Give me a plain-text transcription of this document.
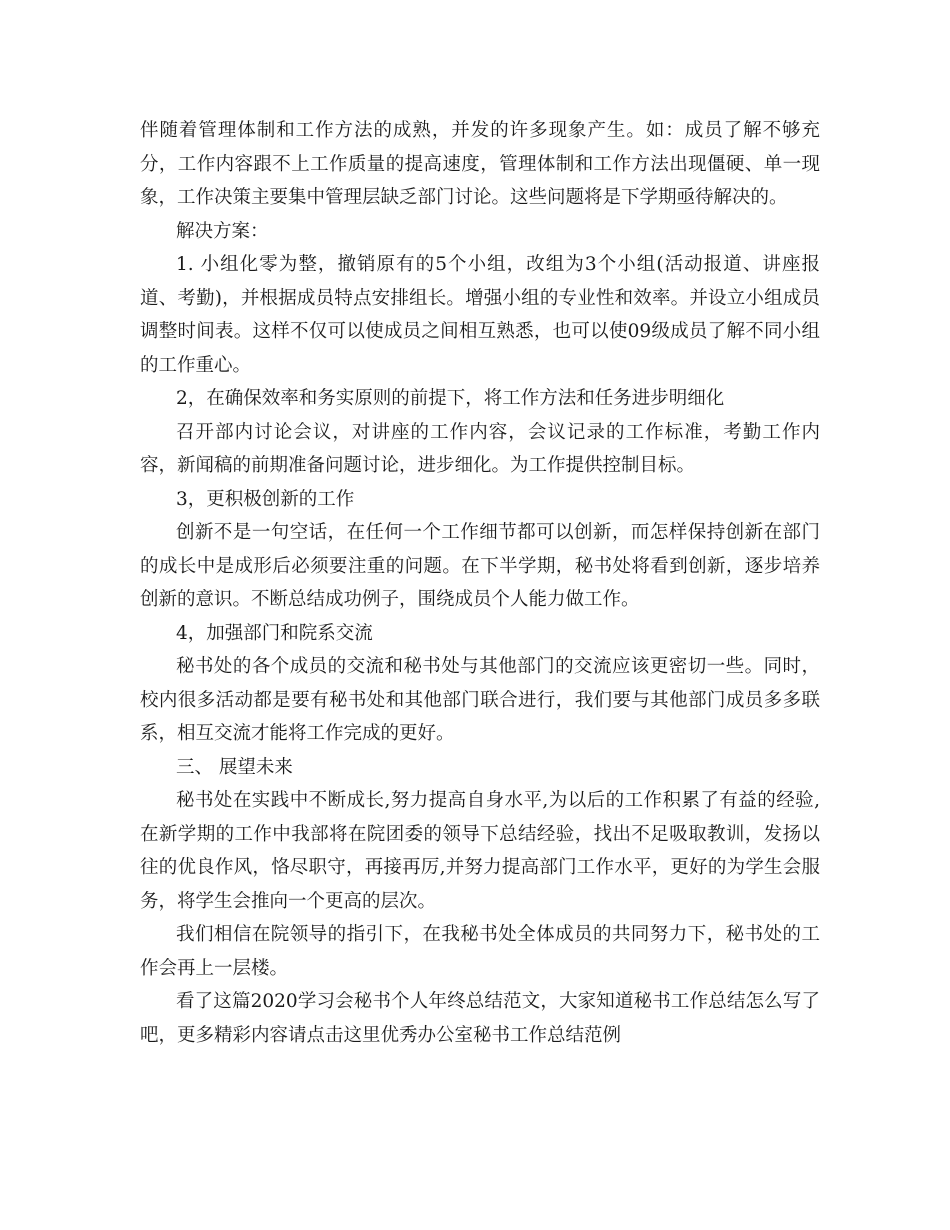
伴随着管理体制和工作方法的成熟，并发的许多现象产生。如：成员了解不够充分，工作内容跟不上工作质量的提高速度，管理体制和工作方法出现僵硬、单一现象，工作决策主要集中管理层缺乏部门讨论。这些问题将是下学期亟待解决的。

解决方案：

1. 小组化零为整，撤销原有的5个小组，改组为3个小组(活动报道、讲座报道、考勤)，并根据成员特点安排组长。增强小组的专业性和效率。并设立小组成员调整时间表。这样不仅可以使成员之间相互熟悉，也可以使09级成员了解不同小组的工作重心。

2，在确保效率和务实原则的前提下，将工作方法和任务进步明细化

召开部内讨论会议，对讲座的工作内容，会议记录的工作标准，考勤工作内容，新闻稿的前期准备问题讨论，进步细化。为工作提供控制目标。

3，更积极创新的工作

创新不是一句空话，在任何一个工作细节都可以创新，而怎样保持创新在部门的成长中是成形后必须要注重的问题。在下半学期，秘书处将看到创新，逐步培养创新的意识。不断总结成功例子，围绕成员个人能力做工作。

4，加强部门和院系交流

秘书处的各个成员的交流和秘书处与其他部门的交流应该更密切一些。同时，校内很多活动都是要有秘书处和其他部门联合进行，我们要与其他部门成员多多联系，相互交流才能将工作完成的更好。

三、 展望未来

秘书处在实践中不断成长,努力提高自身水平,为以后的工作积累了有益的经验,在新学期的工作中我部将在院团委的领导下总结经验，找出不足吸取教训，发扬以往的优良作风，恪尽职守，再接再厉,并努力提高部门工作水平，更好的为学生会服务，将学生会推向一个更高的层次。

我们相信在院领导的指引下，在我秘书处全体成员的共同努力下，秘书处的工作会再上一层楼。

看了这篇2020学习会秘书个人年终总结范文，大家知道秘书工作总结怎么写了吧，更多精彩内容请点击这里优秀办公室秘书工作总结范例
